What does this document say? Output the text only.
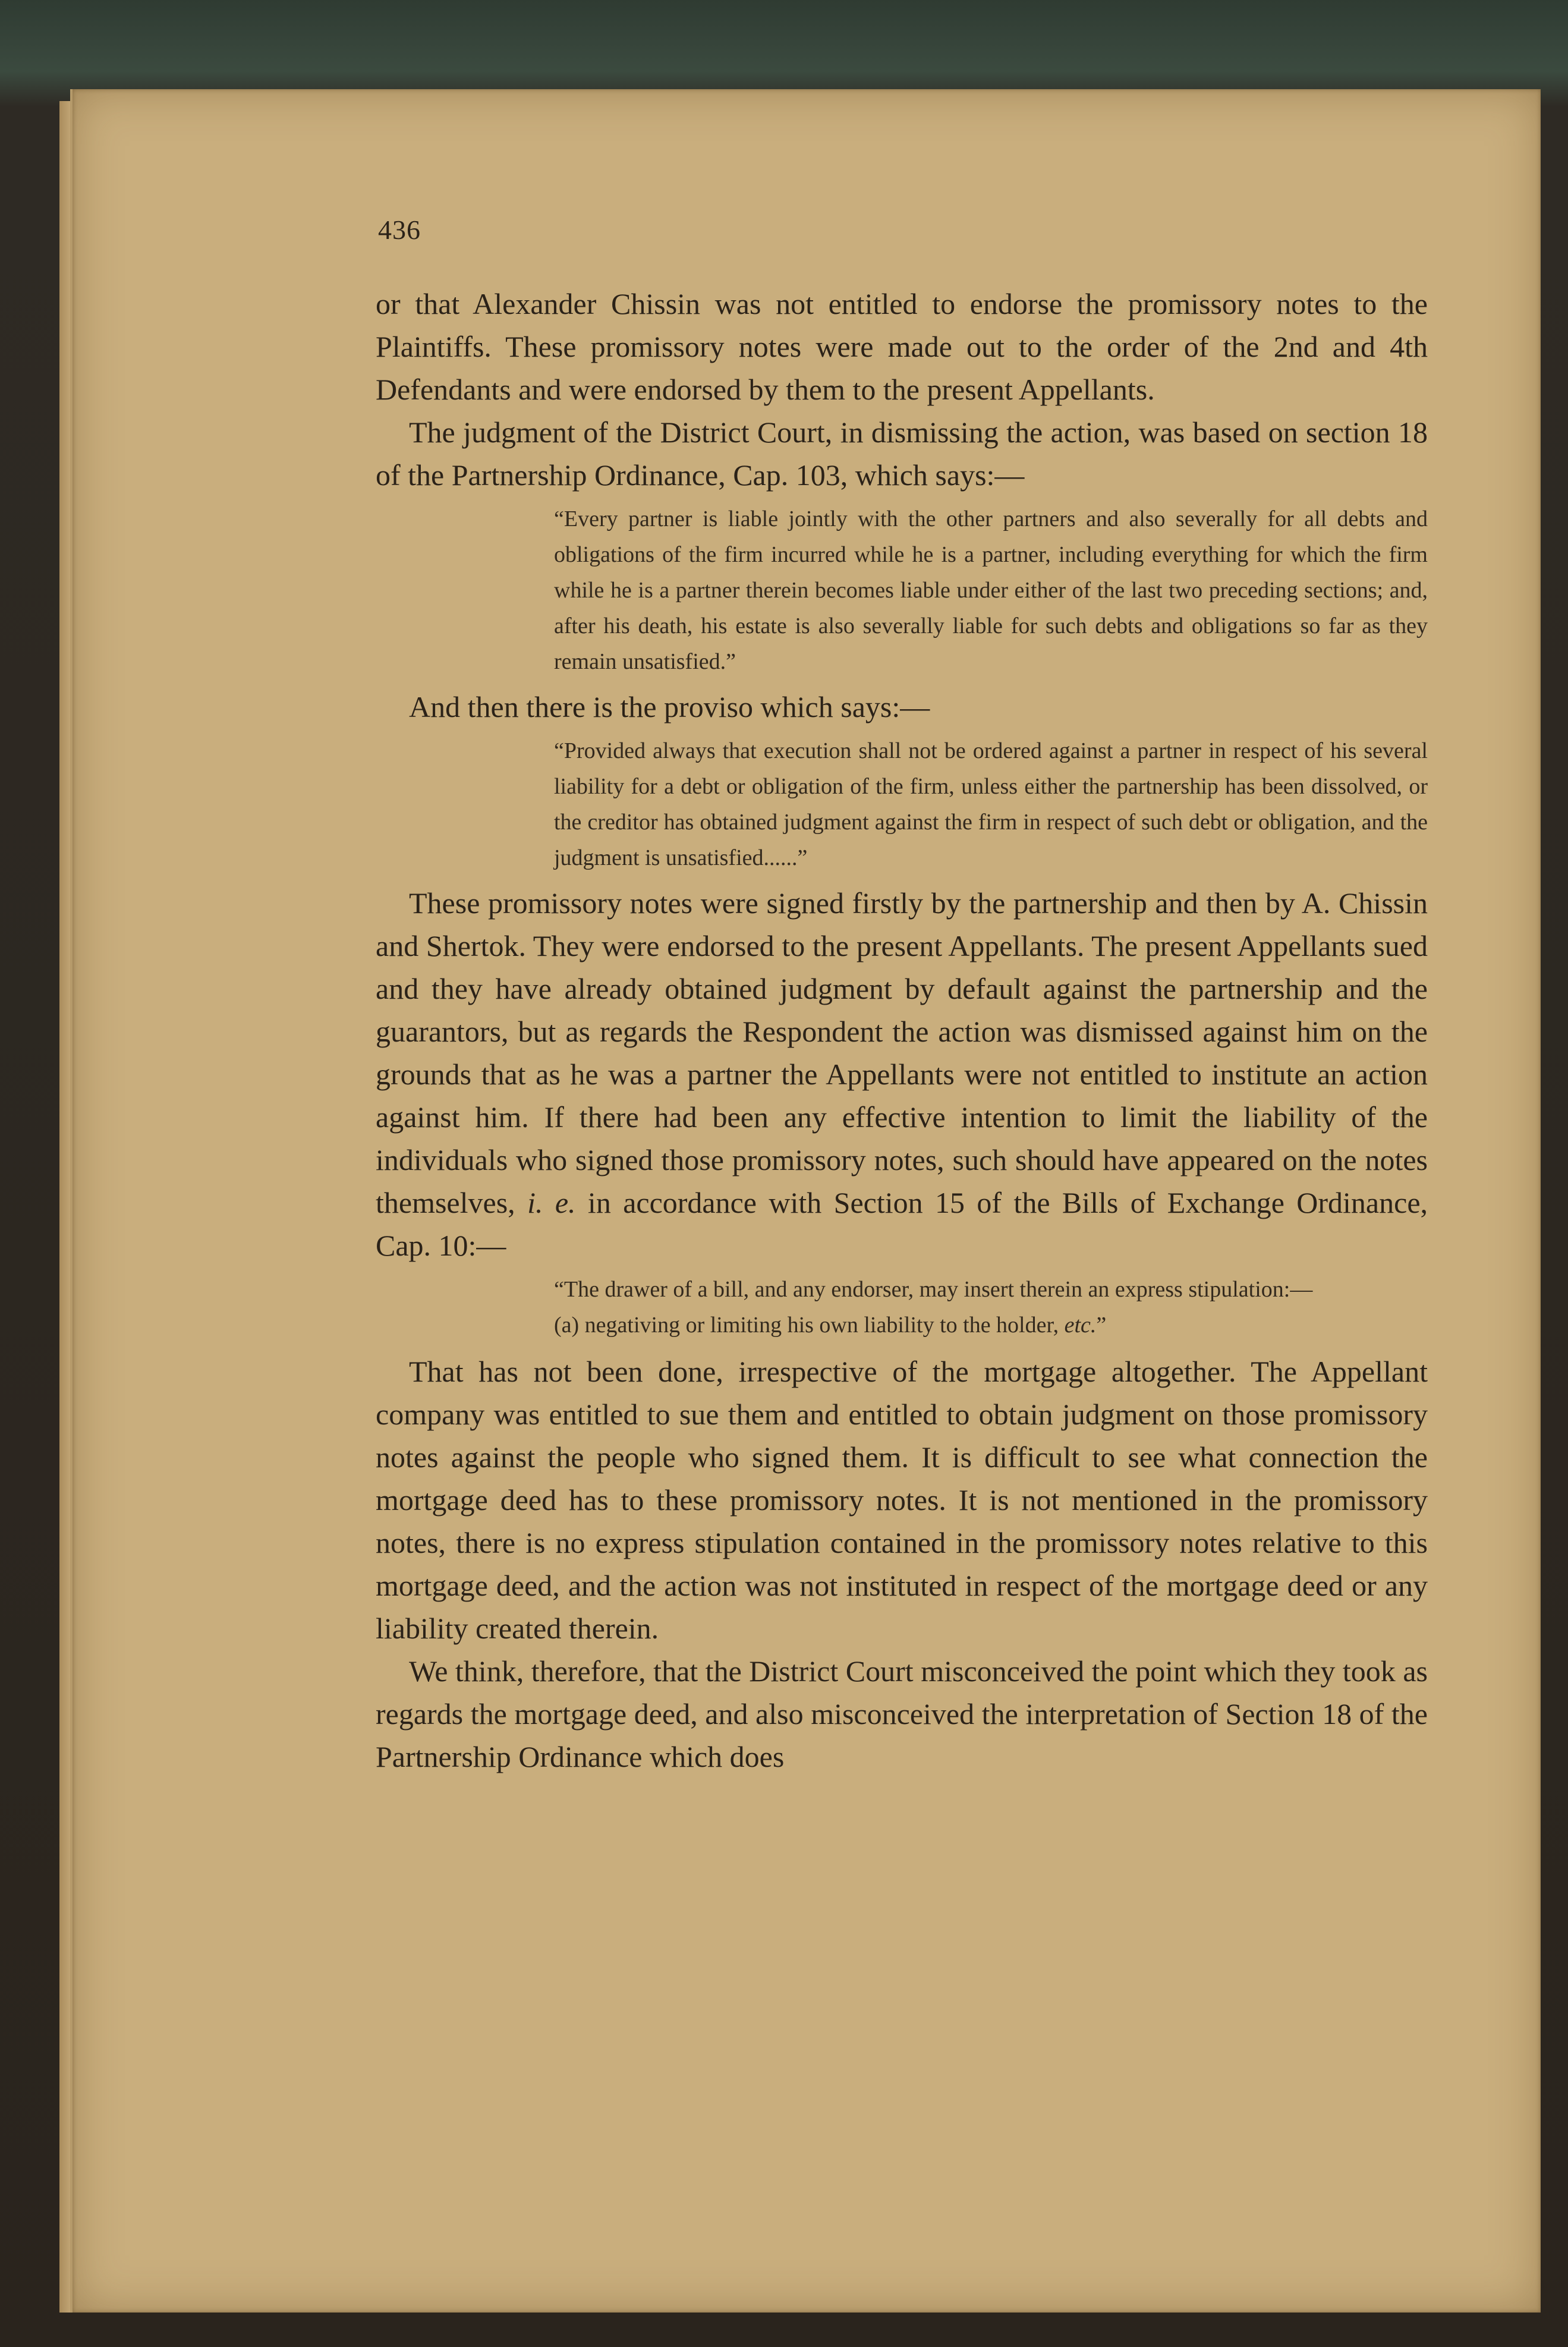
436

or that Alexander Chissin was not entitled to endorse the promissory notes to the Plaintiffs. These promissory notes were made out to the order of the 2nd and 4th Defendants and were endorsed by them to the present Appellants.

The judgment of the District Court, in dismissing the action, was based on section 18 of the Partnership Ordinance, Cap. 103, which says:—

“Every partner is liable jointly with the other partners and also severally for all debts and obligations of the firm incurred while he is a partner, including everything for which the firm while he is a partner therein becomes liable under either of the last two preceding sections; and, after his death, his estate is also severally liable for such debts and obligations so far as they remain unsatisfied.”

And then there is the proviso which says:—

“Provided always that execution shall not be ordered against a partner in respect of his several liability for a debt or obligation of the firm, unless either the partnership has been dissolved, or the creditor has obtained judgment against the firm in respect of such debt or obligation, and the judgment is unsatisfied......”

These promissory notes were signed firstly by the partnership and then by A. Chissin and Shertok. They were endorsed to the present Appellants. The present Appellants sued and they have already obtained judgment by default against the partnership and the guarantors, but as regards the Respondent the action was dismissed against him on the grounds that as he was a partner the Appellants were not entitled to institute an action against him. If there had been any effective intention to limit the liability of the individuals who signed those promissory notes, such should have appeared on the notes themselves, i. e. in accordance with Section 15 of the Bills of Exchange Ordinance, Cap. 10:—

“The drawer of a bill, and any endorser, may insert therein an express stipulation:—

(a) negativing or limiting his own liability to the holder, etc.”

That has not been done, irrespective of the mortgage altogether. The Appellant company was entitled to sue them and entitled to obtain judgment on those promissory notes against the people who signed them. It is difficult to see what connection the mortgage deed has to these promissory notes. It is not mentioned in the promissory notes, there is no express stipulation contained in the promissory notes relative to this mortgage deed, and the action was not instituted in respect of the mortgage deed or any liability created therein.

We think, therefore, that the District Court misconceived the point which they took as regards the mortgage deed, and also misconceived the interpretation of Section 18 of the Partnership Ordinance which does
